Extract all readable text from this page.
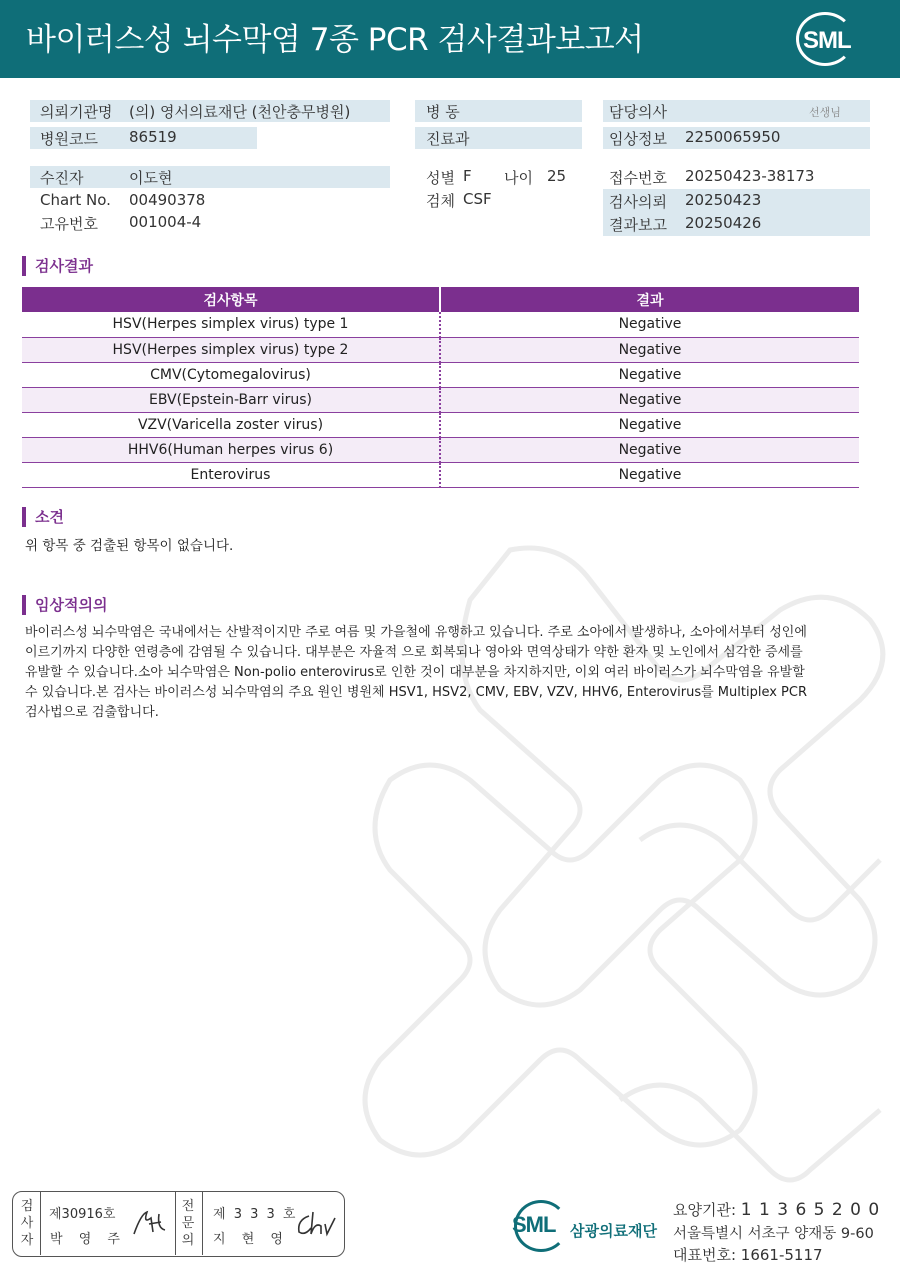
바이러스성 뇌수막염 7종 PCR 검사결과보고서	SML
의뢰기관명 (의) 영서의료재단 (천안충무병원)	병 동	담당의사	선생님
병원코드 86519	진료과	임상정보 2250065950
수진자	이도현
Chart No. 00490378
고유번호 001004-4
성별 F 나이 25
검체 CSF
접수번호 20250423-38173
검사의뢰 20250423
결과보고 20250426
검사결과
검사항목	결과
HSV(Herpes simplex virus) type 1	Negative
HSV(Herpes simplex virus) type 2	Negative
CMV(Cytomegalovirus)	Negative
EBV(Epstein-Barr virus)	Negative
VZV(Varicella zoster virus)	Negative
HHV6(Human herpes virus 6)	Negative
Enterovirus	Negative
소견
위 항목 중 검출된 항목이 없습니다.
임상적의의
바이러스성 뇌수막염은 국내에서는 산발적이지만 주로 여름 및 가을철에 유행하고 있습니다. 주로 소아에서 발생하나, 소아에서부터 성인에
이르기까지 다양한 연령층에 감염될 수 있습니다. 대부분은 자율적 으로 회복되나 영아와 면역상태가 약한 환자 및 노인에서 심각한 증세를
유발할 수 있습니다.소아 뇌수막염은 Non-polio enterovirus로 인한 것이 대부분을 차지하지만, 이외 여러 바이러스가 뇌수막염을 유발할
수 있습니다.본 검사는 바이러스성 뇌수막염의 주요 원인 병원체 HSV1, HSV2, CMV, EBV, VZV, HHV6, Enterovirus를 Multiplex PCR
검사법으로 검출합니다.
검
사
자
제30916호
박 영 주
전
문
의
제 3 3 3 호
지 현 영
SML 삼광의료재단
요양기관: 1 1 3 6 5 2 0 0
서울특별시 서초구 양재동 9-60
대표번호: 1661-5117
